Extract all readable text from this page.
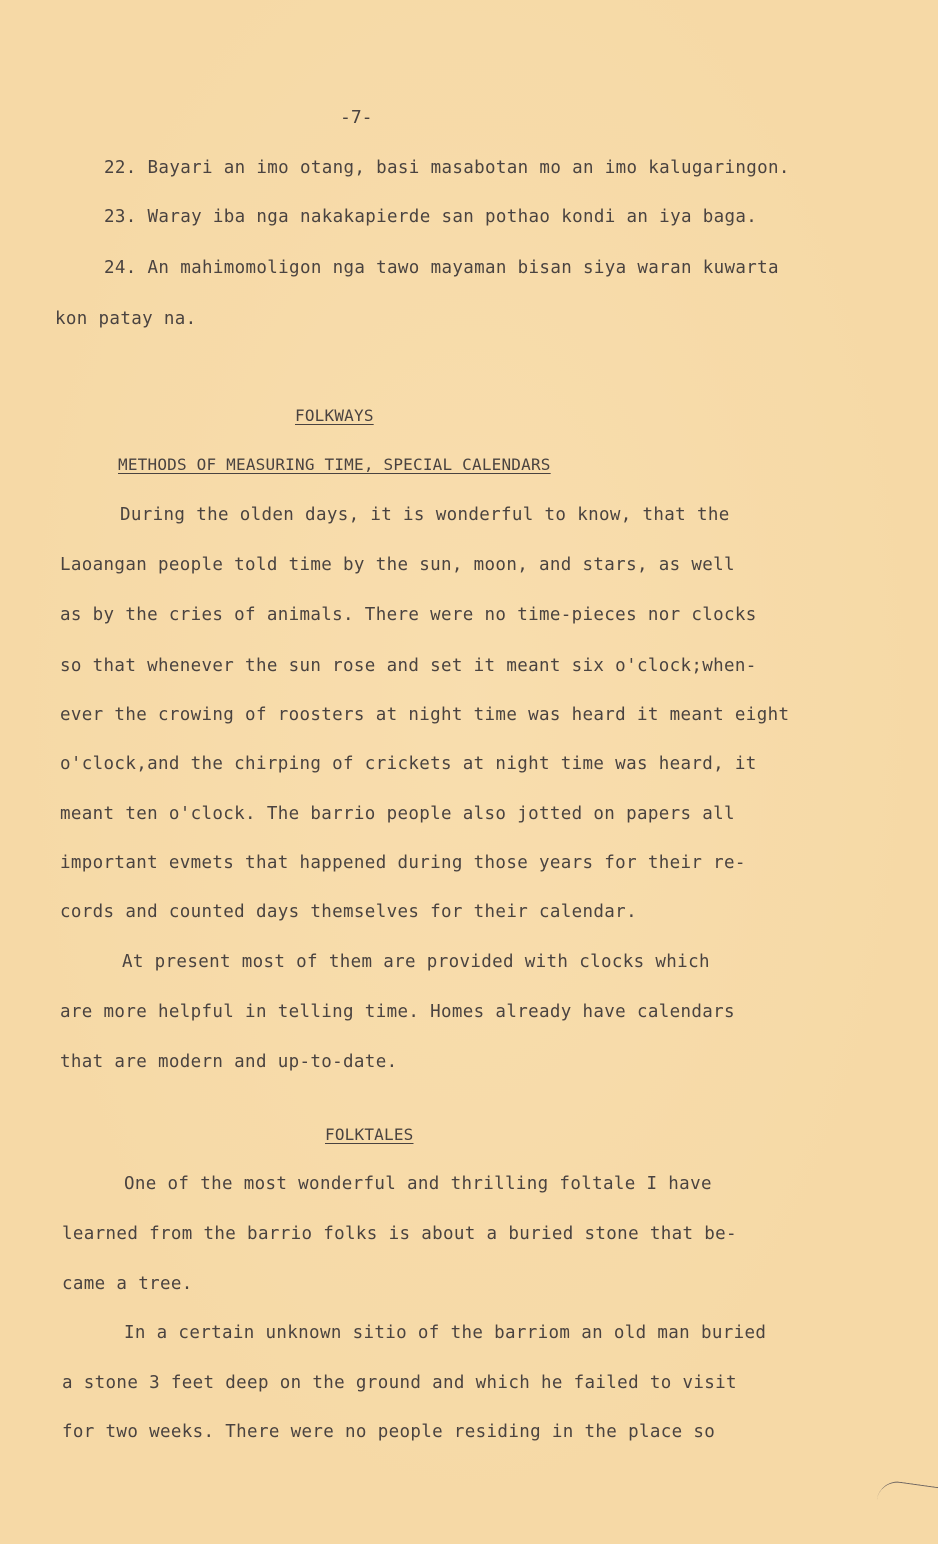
-7-
22. Bayari an imo otang, basi masabotan mo an imo kalugaringon.
23. Waray iba nga nakakapierde san pothao kondi an iya baga.
24. An mahimomoligon nga tawo mayaman bisan siya waran kuwarta
kon patay na.
FOLKWAYS
METHODS OF MEASURING TIME, SPECIAL CALENDARS
During the olden days, it is wonderful to know, that the
Laoangan people told time by the sun, moon, and stars, as well
as by the cries of animals. There were no time-pieces nor clocks
so that whenever the sun rose and set it meant six o'clock;when-
ever the crowing of roosters at night time was heard it meant eight
o'clock,and the chirping of crickets at night time was heard, it
meant ten o'clock. The barrio people also jotted on papers all
important evmets that happened during those years for their re-
cords and counted days themselves for their calendar.
At present most of them are provided with clocks which
are more helpful in telling time. Homes already have calendars
that are modern and up-to-date.
FOLKTALES
One of the most wonderful and thrilling foltale I have
learned from the barrio folks is about a buried stone that be-
came a tree.
In a certain unknown sitio of the barriom an old man buried
a stone 3 feet deep on the ground and which he failed to visit
for two weeks. There were no people residing in the place so
